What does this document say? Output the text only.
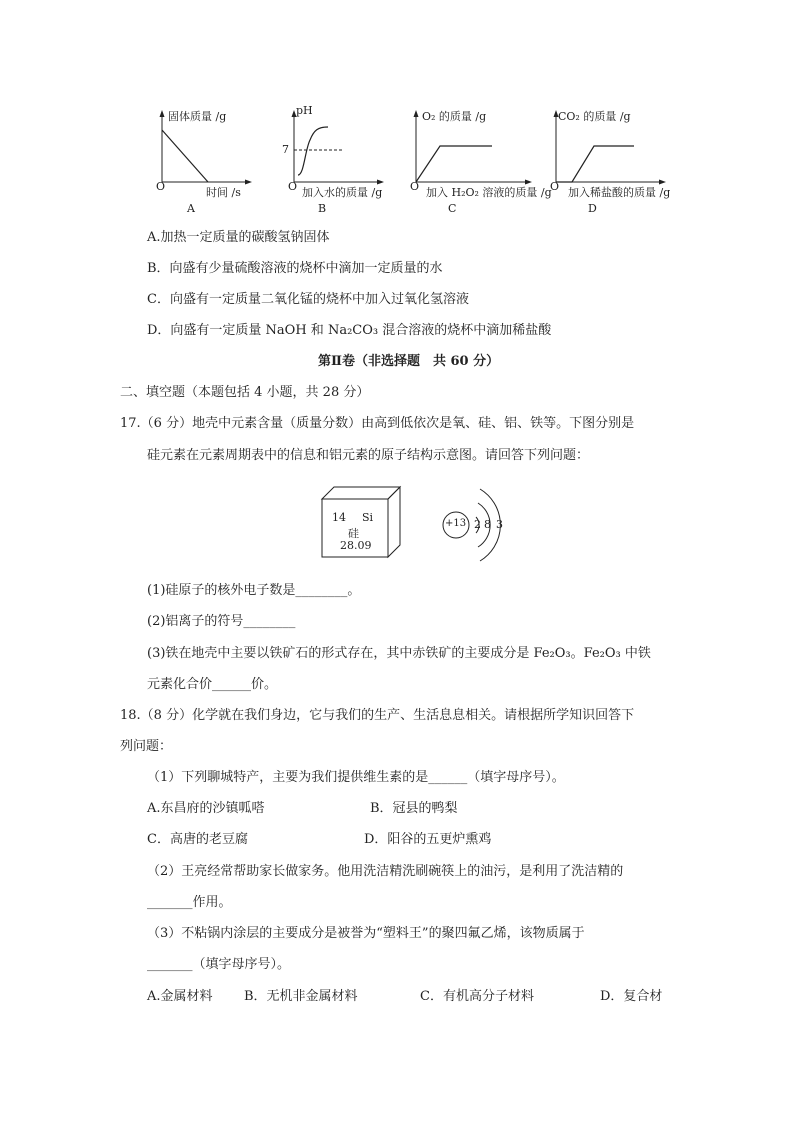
固体质量 /g
O	时间 /s
A
pH
7
O 加入水的质量 /g
B
O₂ 的质量 /g
O 加入 H₂O₂ 溶液的质量 /g
C
CO₂ 的质量 /g
O 加入稀盐酸的质量 /g
D
A.加热一定质量的碳酸氢钠固体
B．向盛有少量硫酸溶液的烧杯中滴加一定质量的水
C．向盛有一定质量二氧化锰的烧杯中加入过氧化氢溶液
D．向盛有一定质量 NaOH 和 Na₂CO₃ 混合溶液的烧杯中滴加稀盐酸
第Ⅱ卷（非选择题　共 60 分）
二、填空题（本题包括 4 小题，共 28 分）
17.（6 分）地壳中元素含量（质量分数）由高到低依次是氧、硅、铝、铁等。下图分别是
硅元素在元素周期表中的信息和铝元素的原子结构示意图。请回答下列问题：
14 Si
硅
28.09
+13 2 8 3
(1)硅原子的核外电子数是________。
(2)铝离子的符号________
(3)铁在地壳中主要以铁矿石的形式存在，其中赤铁矿的主要成分是 Fe₂O₃。Fe₂O₃ 中铁
元素化合价______价。
18.（8 分）化学就在我们身边，它与我们的生产、生活息息相关。请根据所学知识回答下
列问题：
（1）下列聊城特产，主要为我们提供维生素的是______（填字母序号）。
A.东昌府的沙镇呱嗒	B．冠县的鸭梨
C．高唐的老豆腐	D．阳谷的五更炉熏鸡
（2）王亮经常帮助家长做家务。他用洗洁精洗刷碗筷上的油污，是利用了洗洁精的
_______作用。
（3）不粘锅内涂层的主要成分是被誉为“塑料王”的聚四氟乙烯，该物质属于
_______（填字母序号）。
A.金属材料 B．无机非金属材料	C．有机高分子材料	D．复合材
